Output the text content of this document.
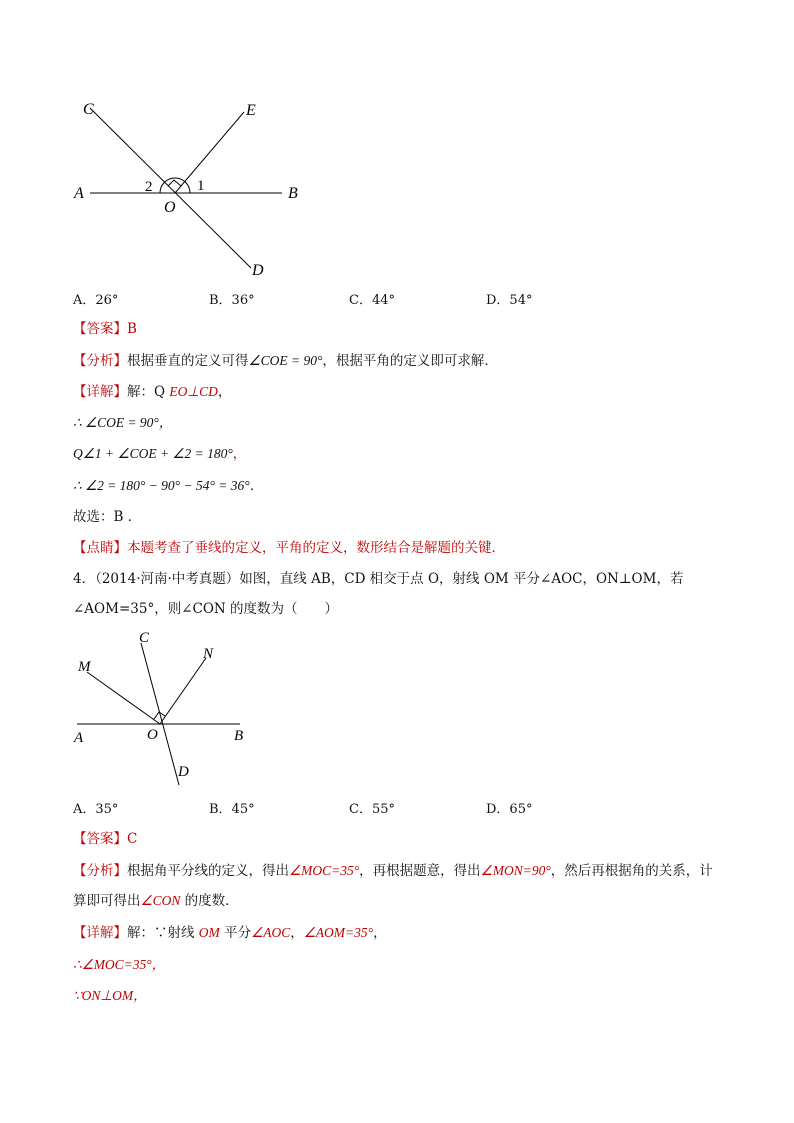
C	E
A	B
O
D
2	1
A．26°	B．36°	C．44°	D．54°
【答案】B
【分析】根据垂直的定义可得∠COE = 90°，根据平角的定义即可求解．
【详解】解：Q EO⊥CD，
∴ ∠COE = 90°，
Q∠1 + ∠COE + ∠2 = 180°，
∴ ∠2 = 180° − 90° − 54° = 36°．
故选：B ．
【点睛】本题考查了垂线的定义，平角的定义，数形结合是解题的关键．
4．（2014·河南·中考真题）如图，直线 AB，CD 相交于点 O，射线 OM 平分∠AOC，ON⊥OM，若
∠AOM=35°，则∠CON 的度数为（　　）
M
C
N
A	O	B
D
A．35°	B．45°	C．55°	D．65°
【答案】C
【分析】根据角平分线的定义，得出∠MOC=35°，再根据题意，得出∠MON=90°，然后再根据角的关系，计
算即可得出∠CON 的度数．
【详解】解：∵射线 OM 平分∠AOC，∠AOM=35°，
∴∠MOC=35°，
∵ON⊥OM，
